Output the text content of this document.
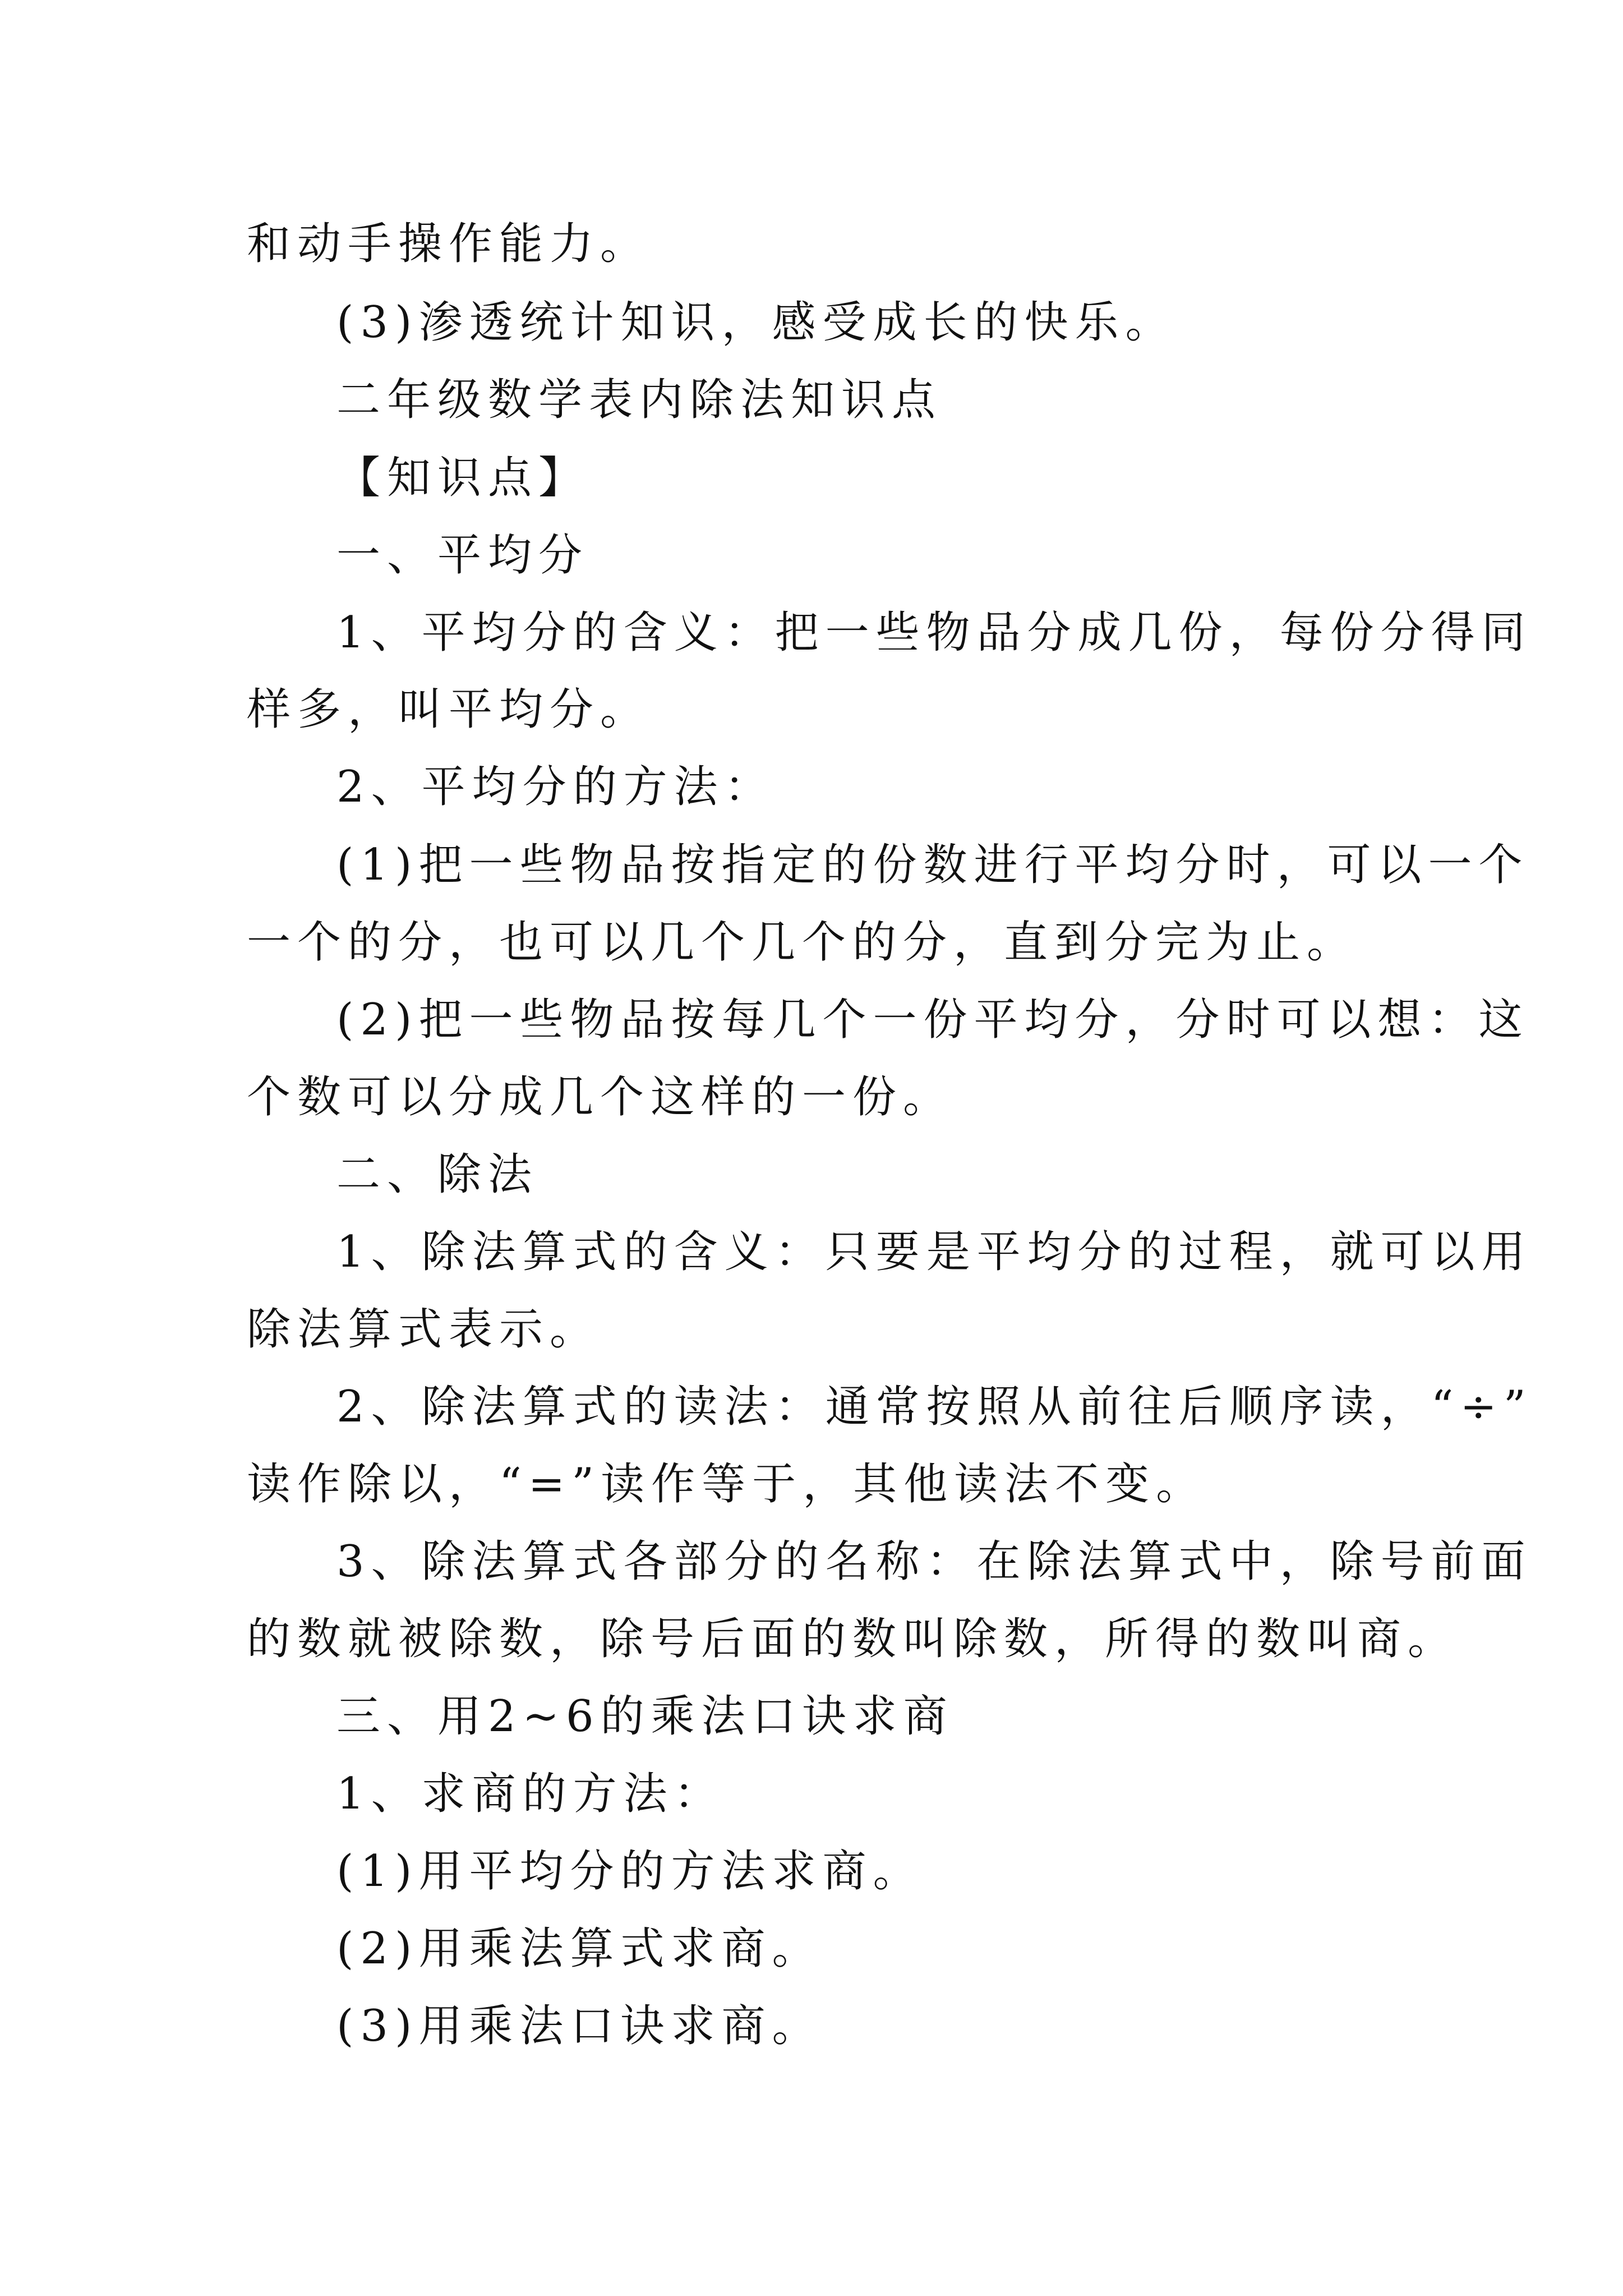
和动手操作能力。
(3)渗透统计知识，感受成长的快乐。
二年级数学表内除法知识点
【知识点】
一、平均分
1、平均分的含义：把一些物品分成几份，每份分得同
样多，叫平均分。
2、平均分的方法：
(1)把一些物品按指定的份数进行平均分时，可以一个
一个的分，也可以几个几个的分，直到分完为止。
(2)把一些物品按每几个一份平均分，分时可以想：这
个数可以分成几个这样的一份。
二、除法
1、除法算式的含义：只要是平均分的过程，就可以用
除法算式表示。
2、除法算式的读法：通常按照从前往后顺序读，“÷”
读作除以，“=”读作等于，其他读法不变。
3、除法算式各部分的名称：在除法算式中，除号前面
的数就被除数，除号后面的数叫除数，所得的数叫商。
三、用2~6的乘法口诀求商
1、求商的方法：
(1)用平均分的方法求商。
(2)用乘法算式求商。
(3)用乘法口诀求商。
